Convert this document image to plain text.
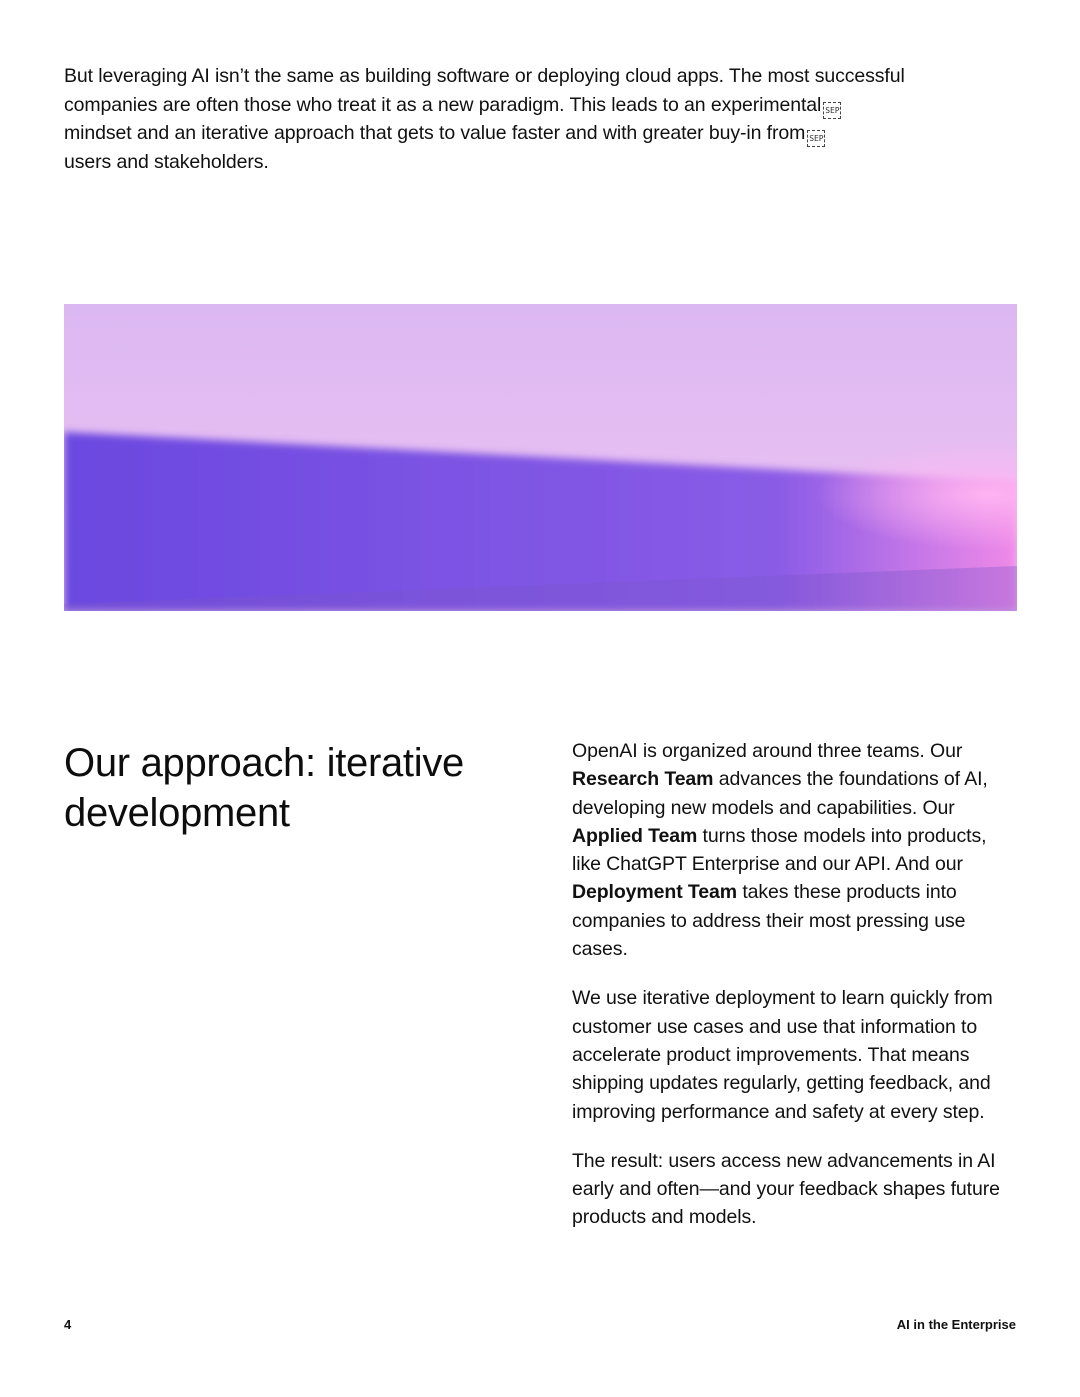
But leveraging AI isn’t the same as building software or deploying cloud apps. The most successful
companies are often those who treat it as a new paradigm. This leads to an experimental SEP
mindset and an iterative approach that gets to value faster and with greater buy-in from SEP
users and stakeholders.

Our approach: iterative development

OpenAI is organized around three teams. Our Research Team advances the foundations of AI, developing new models and capabilities. Our Applied Team turns those models into products, like ChatGPT Enterprise and our API. And our Deployment Team takes these products into companies to address their most pressing use cases.

We use iterative deployment to learn quickly from customer use cases and use that information to accelerate product improvements. That means shipping updates regularly, getting feedback, and improving performance and safety at every step.

The result: users access new advancements in AI early and often—and your feedback shapes future products and models.

4	AI in the Enterprise
